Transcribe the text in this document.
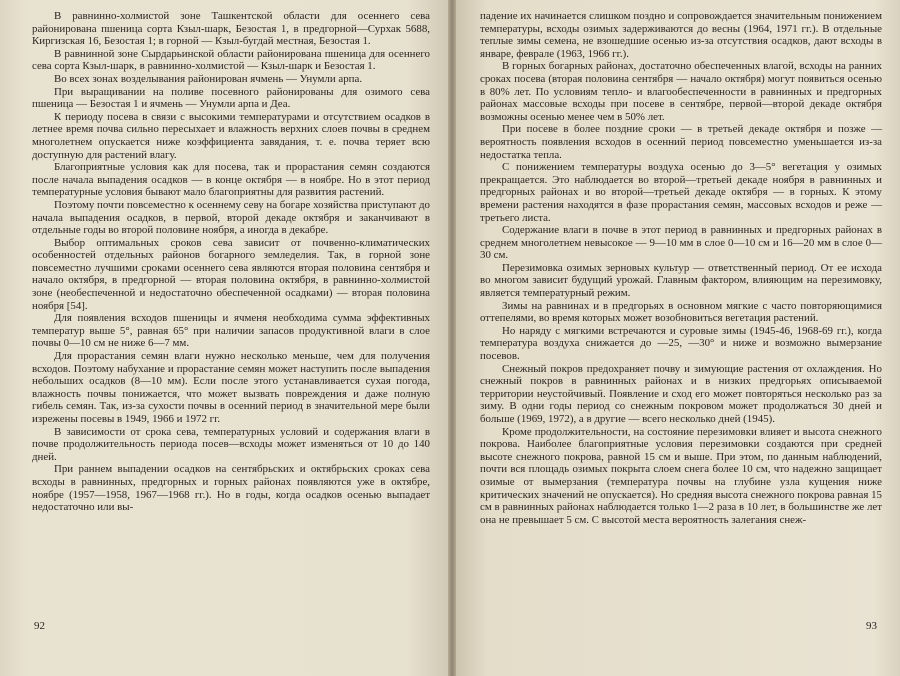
В равнинно-холмистой зоне Ташкентской области для осеннего сева районирована пшеница сорта Кзыл-шарк, Безостая 1, в предгорной—Сурхак 5688, Киргизская 16, Безостая 1; в горной — Кзыл-бугдай местная, Безостая 1.

В равнинной зоне Сырдарьинской области районирована пшеница для осеннего сева сорта Кзыл-шарк, в равнинно-холмистой — Кзыл-шарк и Безостая 1.

Во всех зонах возделывания районирован ячмень — Унумли арпа.

При выращивании на поливе посевного районированы для озимого сева пшеница — Безостая 1 и ячмень — Унумли арпа и Деа.

К периоду посева в связи с высокими температурами и отсутствием осадков в летнее время почва сильно пересыхает и влажность верхних слоев почвы в среднем многолетнем опускается ниже коэффициента завядания, т. е. почва теряет всю доступную для растений влагу.

Благоприятные условия как для посева, так и прорастания семян создаются после начала выпадения осадков — в конце октября — в ноябре. Но в этот период температурные условия бывают мало благоприятны для развития растений.

Поэтому почти повсеместно к осеннему севу на богаре хозяйства приступают до начала выпадения осадков, в первой, второй декаде октября и заканчивают в отдельные годы во второй половине ноября, а иногда в декабре.

Выбор оптимальных сроков сева зависит от почвенно-климатических особенностей отдельных районов богарного земледелия. Так, в горной зоне повсеместно лучшими сроками осеннего сева являются вторая половина сентября и начало октября, в предгорной — вторая половина октября, в равнинно-холмистой зоне (необеспеченной и недостаточно обеспеченной осадками) — вторая половина ноября [54].

Для появления всходов пшеницы и ячменя необходима сумма эффективных температур выше 5°, равная 65° при наличии запасов продуктивной влаги в слое почвы 0—10 см не ниже 6—7 мм.

Для прорастания семян влаги нужно несколько меньше, чем для получения всходов. Поэтому набухание и прорастание семян может наступить после выпадения небольших осадков (8—10 мм). Если после этого устанавливается сухая погода, влажность почвы понижается, что может вызвать повреждения и даже полную гибель семян. Так, из-за сухости почвы в осенний период в значительной мере были изрежены посевы в 1949, 1966 и 1972 гг.

В зависимости от срока сева, температурных условий и содержания влаги в почве продолжительность периода посев—всходы может изменяться от 10 до 140 дней.

При раннем выпадении осадков на сентябрьских и октябрьских сроках сева всходы в равнинных, предгорных и горных районах появляются уже в октябре, ноябре (1957—1958, 1967—1968 гг.). Но в годы, когда осадков осенью выпадает недостаточно или вы-

92

падение их начинается слишком поздно и сопровождается значительным понижением температуры, всходы озимых задерживаются до весны (1964, 1971 гг.). В отдельные теплые зимы семена, не взошедшие осенью из-за отсутствия осадков, дают всходы в январе, феврале (1963, 1966 гг.).

В горных богарных районах, достаточно обеспеченных влагой, всходы на ранних сроках посева (вторая половина сентября — начало октября) могут появиться осенью в 80% лет. По условиям тепло- и влагообеспеченности в равнинных и предгорных районах массовые всходы при посеве в сентябре, первой—второй декаде октября возможны осенью менее чем в 50% лет.

При посеве в более поздние сроки — в третьей декаде октября и позже — вероятность появления всходов в осенний период повсеместно уменьшается из-за недостатка тепла.

С понижением температуры воздуха осенью до 3—5° вегетация у озимых прекращается. Это наблюдается во второй—третьей декаде ноября в равнинных и предгорных районах и во второй—третьей декаде октября — в горных. К этому времени растения находятся в фазе прорастания семян, массовых всходов и реже — третьего листа.

Содержание влаги в почве в этот период в равнинных и предгорных районах в среднем многолетнем невысокое — 9—10 мм в слое 0—10 см и 16—20 мм в слое 0—30 см.

Перезимовка озимых зерновых культур — ответственный период. От ее исхода во многом зависит будущий урожай. Главным фактором, влияющим на перезимовку, является температурный режим.

Зимы на равнинах и в предгорьях в основном мягкие с часто повторяющимися оттепелями, во время которых может возобновиться вегетация растений.

Но наряду с мягкими встречаются и суровые зимы (1945-46, 1968-69 гг.), когда температура воздуха снижается до —25, —30° и ниже и возможно вымерзание посевов.

Снежный покров предохраняет почву и зимующие растения от охлаждения. Но снежный покров в равнинных районах и в низких предгорьях описываемой территории неустойчивый. Появление и сход его может повторяться несколько раз за зиму. В одни годы период со снежным покровом может продолжаться 30 дней и больше (1969, 1972), а в другие — всего несколько дней (1945).

Кроме продолжительности, на состояние перезимовки влияет и высота снежного покрова. Наиболее благоприятные условия перезимовки создаются при средней высоте снежного покрова, равной 15 см и выше. При этом, по данным наблюдений, почти вся площадь озимых покрыта слоем снега более 10 см, что надежно защищает озимые от вымерзания (температура почвы на глубине узла кущения ниже критических значений не опускается). Но средняя высота снежного покрова равная 15 см в равнинных районах наблюдается только 1—2 раза в 10 лет, в большинстве же лет она не превышает 5 см. С высотой места вероятность залегания снеж-

93
